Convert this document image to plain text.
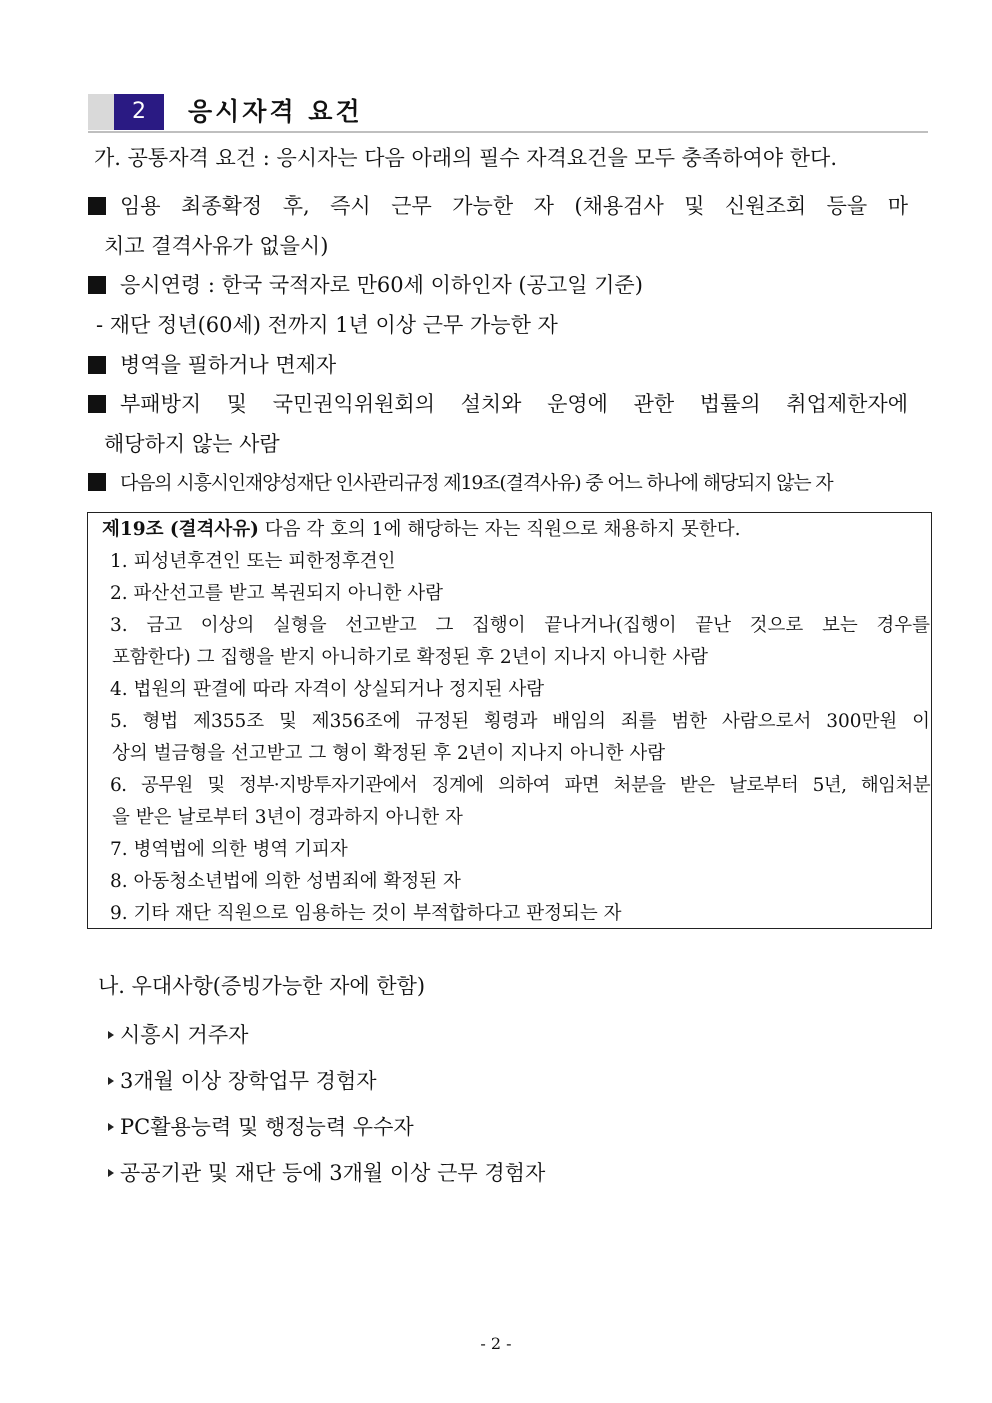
2	응시자격 요건
가. 공통자격 요건 : 응시자는 다음 아래의 필수 자격요건을 모두 충족하여야 한다.
임용 최종확정 후, 즉시 근무 가능한 자 (채용검사 및 신원조회 등을 마
치고 결격사유가 없을시)
응시연령 : 한국 국적자로 만60세 이하인자 (공고일 기준)
- 재단 정년(60세) 전까지 1년 이상 근무 가능한 자
병역을 필하거나 면제자
부패방지 및 국민권익위원회의 설치와 운영에 관한 법률의 취업제한자에
해당하지 않는 사람
다음의 시흥시인재양성재단 인사관리규정 제19조(결격사유) 중 어느 하나에 해당되지 않는 자
제19조 (결격사유) 다음 각 호의 1에 해당하는 자는 직원으로 채용하지 못한다.
1. 피성년후견인 또는 피한정후견인
2. 파산선고를 받고 복권되지 아니한 사람
3. 금고 이상의 실형을 선고받고 그 집행이 끝나거나(집행이 끝난 것으로 보는 경우를
포함한다) 그 집행을 받지 아니하기로 확정된 후 2년이 지나지 아니한 사람
4. 법원의 판결에 따라 자격이 상실되거나 정지된 사람
5. 형법 제355조 및 제356조에 규정된 횡령과 배임의 죄를 범한 사람으로서 300만원 이
상의 벌금형을 선고받고 그 형이 확정된 후 2년이 지나지 아니한 사람
6. 공무원 및 정부·지방투자기관에서 징계에 의하여 파면 처분을 받은 날로부터 5년, 해임처분
을 받은 날로부터 3년이 경과하지 아니한 자
7. 병역법에 의한 병역 기피자
8. 아동청소년법에 의한 성범죄에 확정된 자
9. 기타 재단 직원으로 임용하는 것이 부적합하다고 판정되는 자
나. 우대사항(증빙가능한 자에 한함)
시흥시 거주자
3개월 이상 장학업무 경험자
PC활용능력 및 행정능력 우수자
공공기관 및 재단 등에 3개월 이상 근무 경험자
- 2 -
